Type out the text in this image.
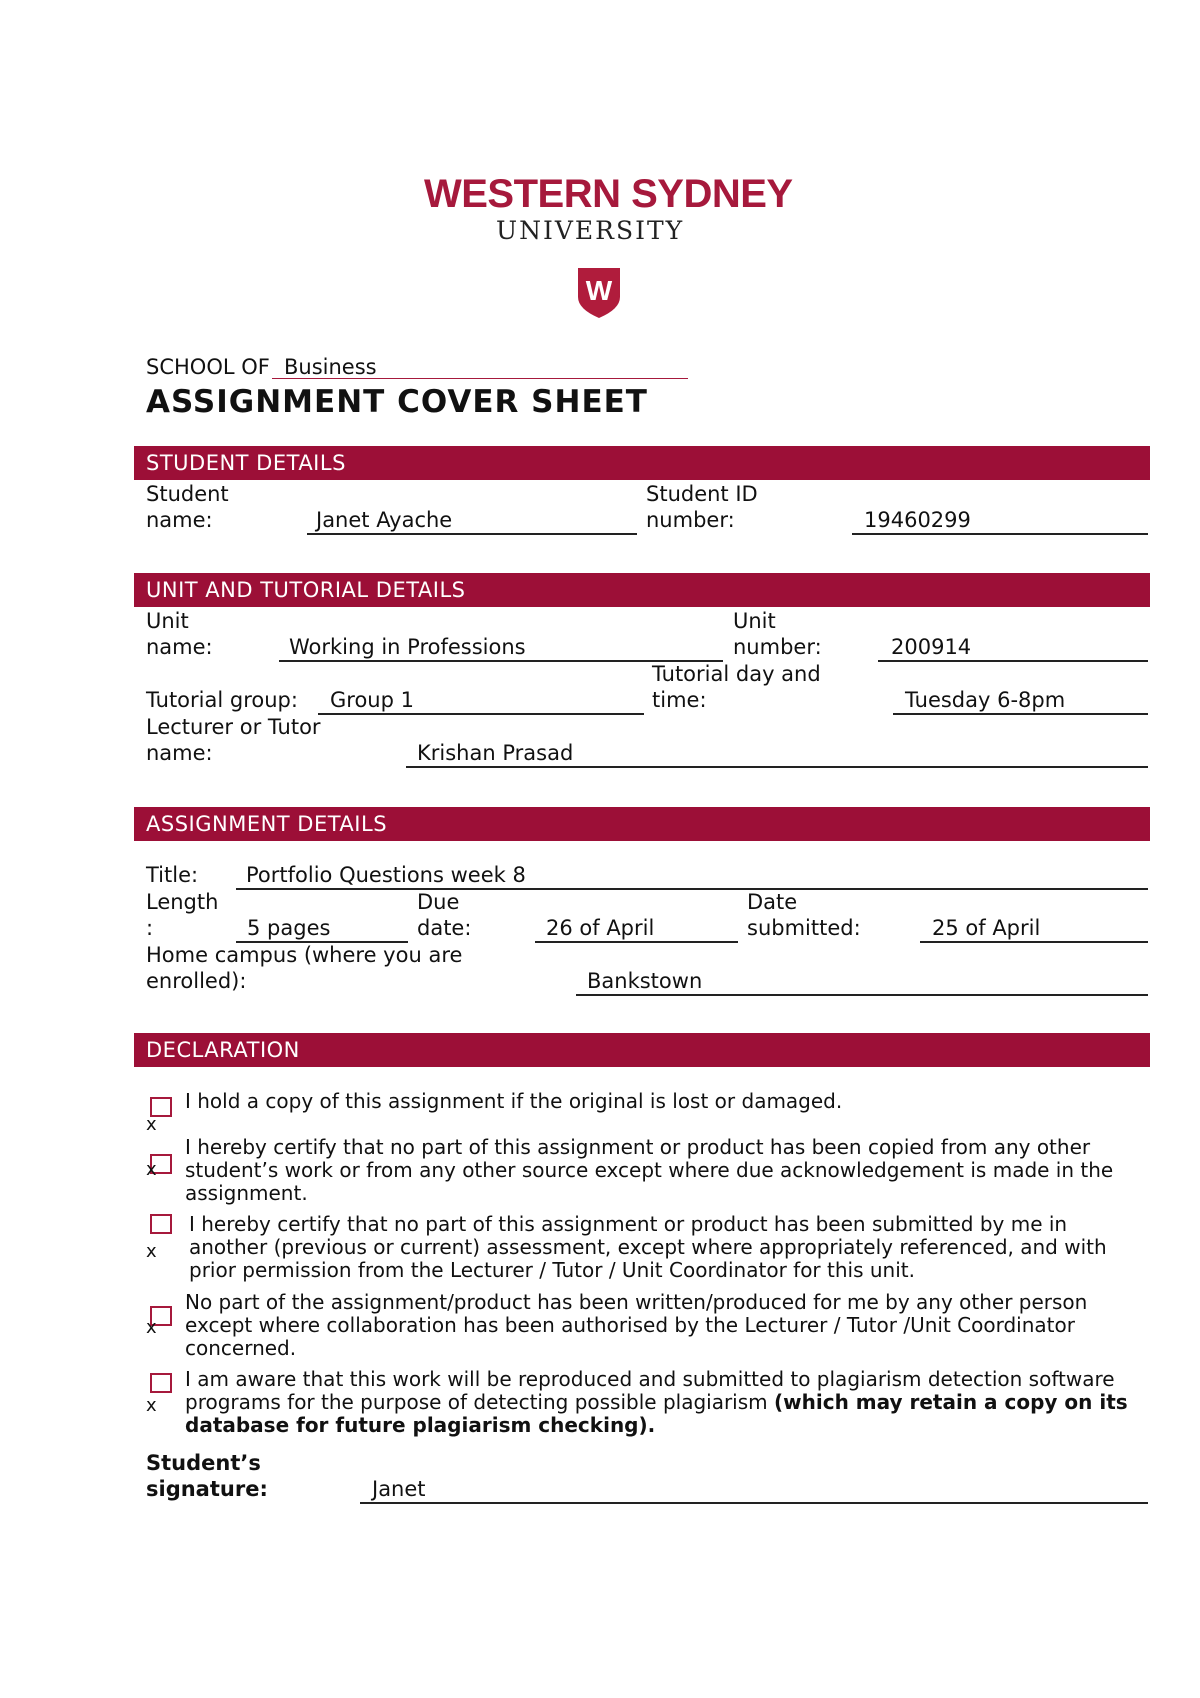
WESTERN SYDNEY
UNIVERSITY
W
SCHOOL OF Business
ASSIGNMENT COVER SHEET
STUDENT DETAILS
Student
name:	Janet Ayache
Student ID
number:	19460299
UNIT AND TUTORIAL DETAILS
Unit
name:	Working in Professions
Unit
number:	200914
Tutorial day and
Tutorial group: Group 1	time:	Tuesday 6-8pm
Lecturer or Tutor
name:	Krishan Prasad
ASSIGNMENT DETAILS
Title: Portfolio Questions week 8
Length
:	5 pages
Due
date:	26 of April
Date
submitted:	25 of April
Home campus (where you are
enrolled):	Bankstown
DECLARATION
x
I hold a copy of this assignment if the original is lost or damaged.
x
I hereby certify that no part of this assignment or product has been copied from any other student’s work or from any other source except where due acknowledgement is made in the assignment.
x
I hereby certify that no part of this assignment or product has been submitted by me in another (previous or current) assessment, except where appropriately referenced, and with prior permission from the Lecturer / Tutor / Unit Coordinator for this unit.
x
No part of the assignment/product has been written/produced for me by any other person except where collaboration has been authorised by the Lecturer / Tutor /Unit Coordinator concerned.
x
I am aware that this work will be reproduced and submitted to plagiarism detection software programs for the purpose of detecting possible plagiarism (which may retain a copy on its database for future plagiarism checking).
Student’s
signature:	Janet
